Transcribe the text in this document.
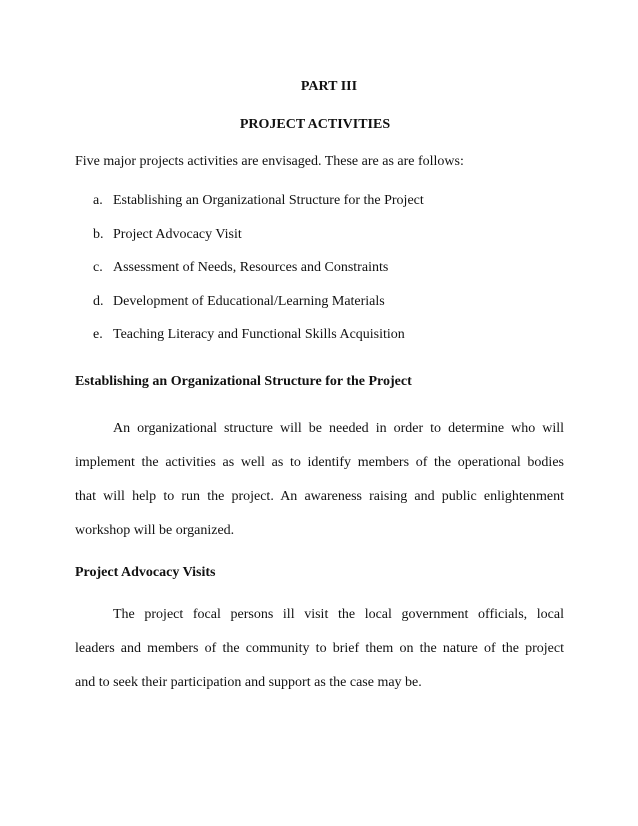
PART III
PROJECT ACTIVITIES
Five major projects activities are envisaged. These are as are follows:
a. Establishing an Organizational Structure for the Project
b. Project Advocacy Visit
c. Assessment of Needs, Resources and Constraints
d. Development of Educational/Learning Materials
e. Teaching Literacy and Functional Skills Acquisition
Establishing an Organizational Structure for the Project
An organizational structure will be needed in order to determine who will
implement the activities as well as to identify members of the operational bodies
that will help to run the project. An awareness raising and public enlightenment
workshop will be organized.
Project Advocacy Visits
The project focal persons ill visit the local government officials, local
leaders and members of the community to brief them on the nature of the project
and to seek their participation and support as the case may be.
